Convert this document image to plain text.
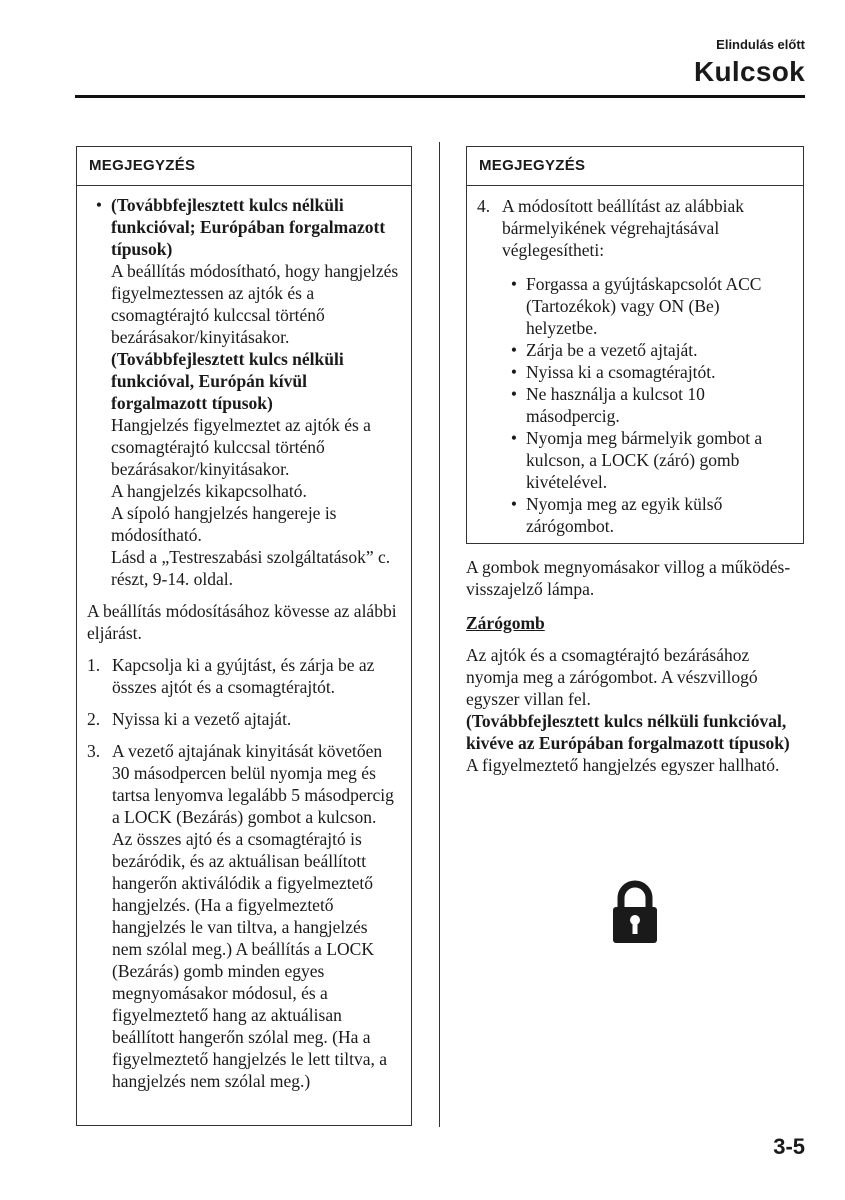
Elindulás előtt
Kulcsok
MEGJEGYZÉS
• (Továbbfejlesztett kulcs nélküli funkcióval; Európában forgalmazott típusok)
A beállítás módosítható, hogy hangjelzés figyelmeztessen az ajtók és a csomagtérajtó kulccsal történő bezárásakor/kinyitásakor.
(Továbbfejlesztett kulcs nélküli funkcióval, Európán kívül forgalmazott típusok)
Hangjelzés figyelmeztet az ajtók és a csomagtérajtó kulccsal történő bezárásakor/kinyitásakor.
A hangjelzés kikapcsolható.
A sípoló hangjelzés hangereje is módosítható.
Lásd a „Testreszabási szolgáltatások” c. részt, 9-14. oldal.
A beállítás módosításához kövesse az alábbi eljárást.
1. Kapcsolja ki a gyújtást, és zárja be az összes ajtót és a csomagtérajtót.
2. Nyissa ki a vezető ajtaját.
3. A vezető ajtajának kinyitását követően 30 másodpercen belül nyomja meg és tartsa lenyomva legalább 5 másodpercig a LOCK (Bezárás) gombot a kulcson.
Az összes ajtó és a csomagtérajtó is bezáródik, és az aktuálisan beállított hangerőn aktiválódik a figyelmeztető hangjelzés. (Ha a figyelmeztető hangjelzés le van tiltva, a hangjelzés nem szólal meg.) A beállítás a LOCK (Bezárás) gomb minden egyes megnyomásakor módosul, és a figyelmeztető hang az aktuálisan beállított hangerőn szólal meg. (Ha a figyelmeztető hangjelzés le lett tiltva, a hangjelzés nem szólal meg.)
MEGJEGYZÉS
4. A módosított beállítást az alábbiak bármelyikének végrehajtásával véglegesítheti:
• Forgassa a gyújtáskapcsolót ACC (Tartozékok) vagy ON (Be) helyzetbe.
• Zárja be a vezető ajtaját.
• Nyissa ki a csomagtérajtót.
• Ne használja a kulcsot 10 másodpercig.
• Nyomja meg bármelyik gombot a kulcson, a LOCK (záró) gomb kivételével.
• Nyomja meg az egyik külső zárógombot.
A gombok megnyomásakor villog a működés-visszajelző lámpa.
Zárógomb
Az ajtók és a csomagtérajtó bezárásához nyomja meg a zárógombot. A vészvillogó egyszer villan fel.
(Továbbfejlesztett kulcs nélküli funkcióval, kivéve az Európában forgalmazott típusok)
A figyelmeztető hangjelzés egyszer hallható.
3-5
